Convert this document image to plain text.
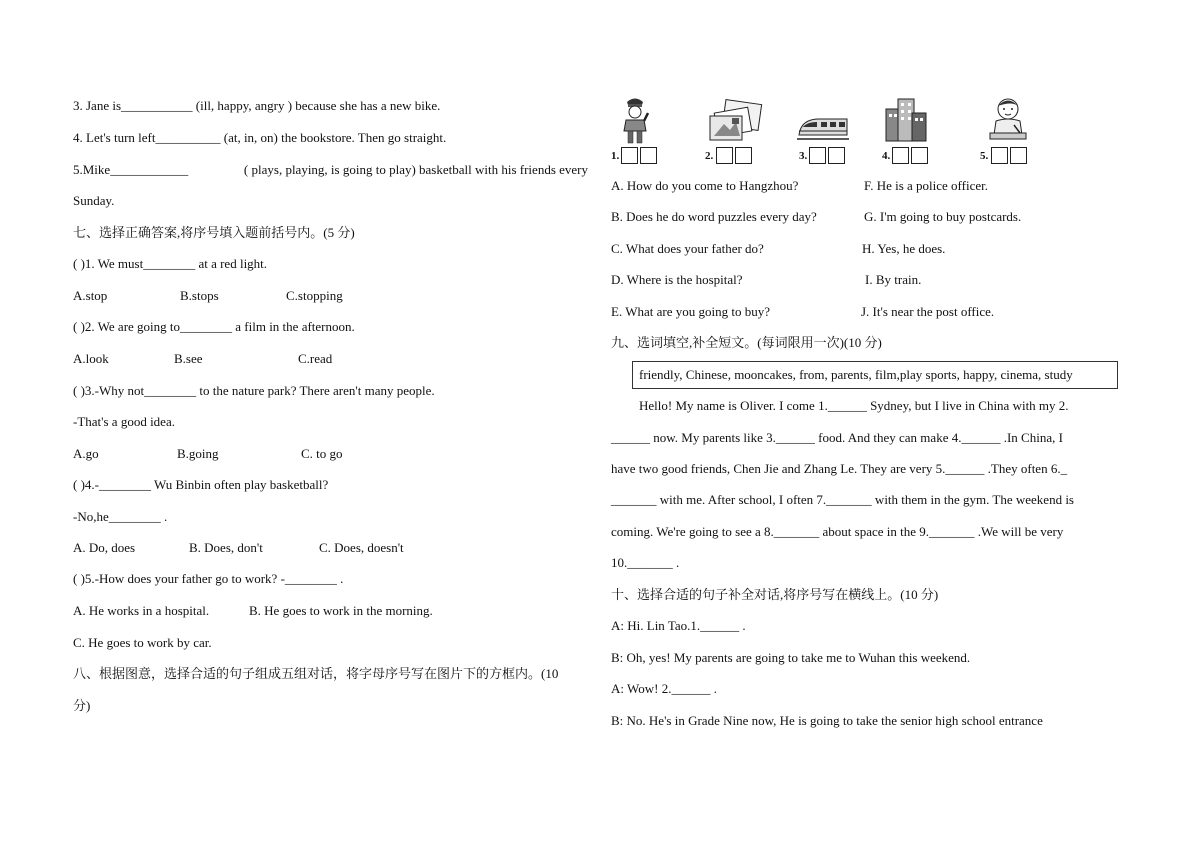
3. Jane is___________ (ill, happy, angry ) because she has a new bike.
4. Let's turn left__________ (at, in, on) the bookstore. Then go straight.
5.Mike____________	( plays, playing, is going to play) basketball with his friends every
Sunday.
七、选择正确答案,将序号填入题前括号内。(5 分)
( )1. We must________ at a red light.
A.stop	B.stops	C.stopping
( )2. We are going to________ a film in the afternoon.
A.look	B.see	C.read
( )3.-Why not________ to the nature park? There aren't many people.
-That's a good idea.
A.go	B.going	C. to go
( )4.-________ Wu Binbin often play basketball?
-No,he________ .
A. Do, does	B. Does, don't	C. Does, doesn't
( )5.-How does your father go to work? -________ .
A. He works in a hospital.	B. He goes to work in the morning.
C. He goes to work by car.
八、根据图意，选择合适的句子组成五组对话，将字母序号写在图片下的方框内。(10
分)
1.	2.	3.	4.	5.
A. How do you come to Hangzhou?	F. He is a police officer.
B. Does he do word puzzles every day?	G. I'm going to buy postcards.
C. What does your father do?	H. Yes, he does.
D. Where is the hospital?	I. By train.
E. What are you going to buy?	J. It's near the post office.
九、选词填空,补全短文。(每词限用一次)(10 分)
friendly, Chinese, mooncakes, from, parents, film,play sports, happy, cinema, study
Hello! My name is Oliver. I come 1.______ Sydney, but I live in China with my 2.
______ now. My parents like 3.______ food. And they can make 4.______ .In China, I
have two good friends, Chen Jie and Zhang Le. They are very 5.______ .They often 6._
_______ with me. After school, I often 7._______ with them in the gym. The weekend is
coming. We're going to see a 8._______ about space in the 9._______ .We will be very
10._______ .
十、选择合适的句子补全对话,将序号写在横线上。(10 分)
A: Hi. Lin Tao.1.______ .
B: Oh, yes! My parents are going to take me to Wuhan this weekend.
A: Wow! 2.______ .
B: No. He's in Grade Nine now, He is going to take the senior high school entrance
